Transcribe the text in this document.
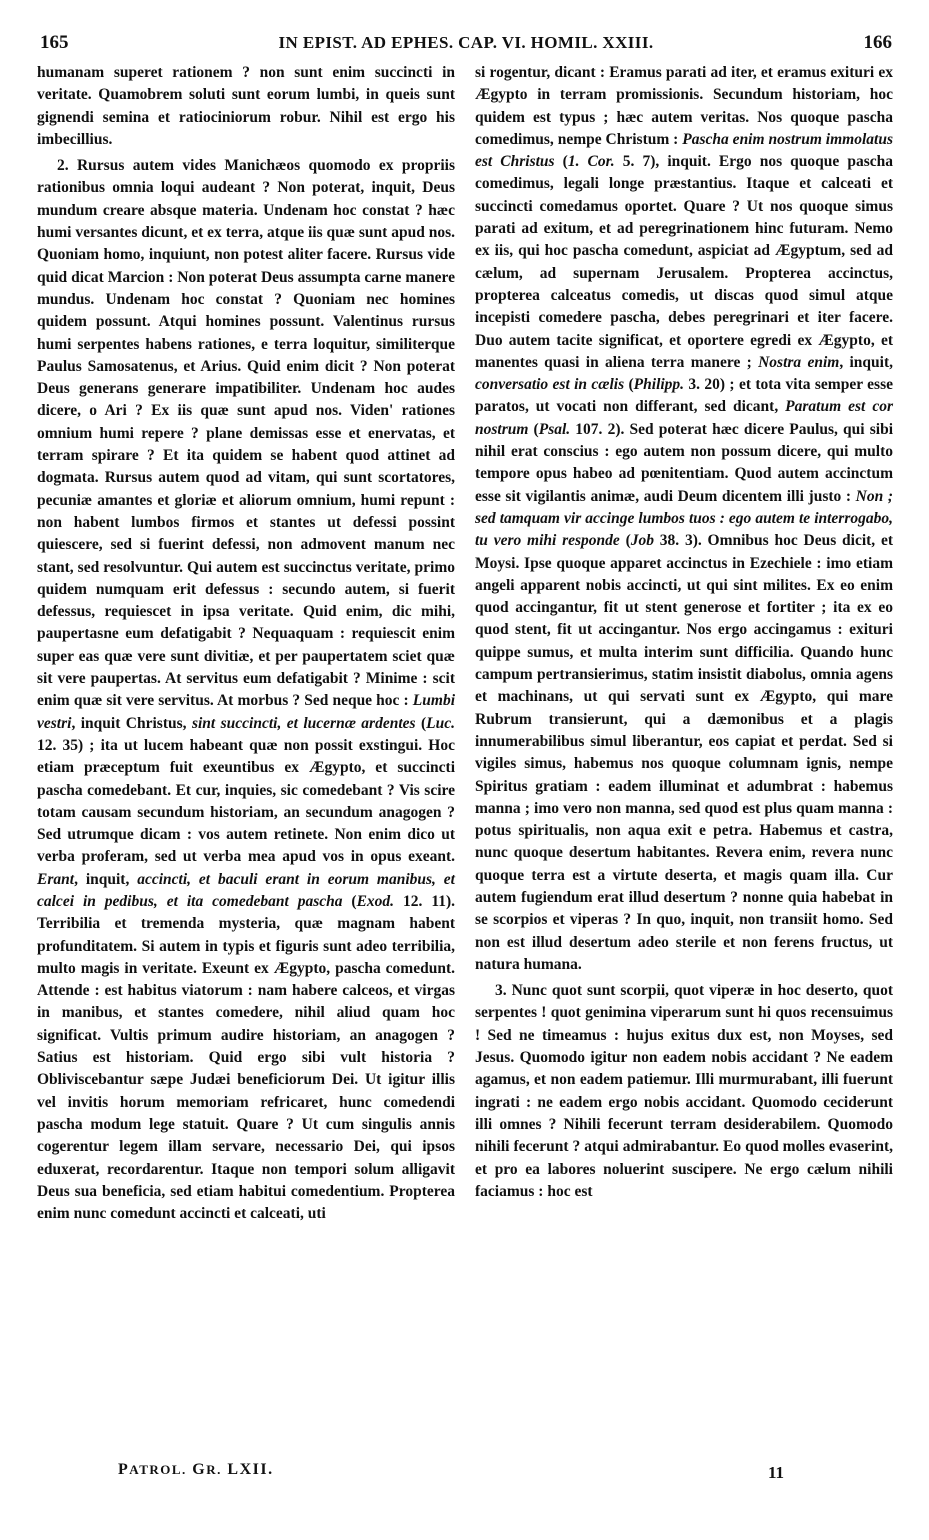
165	IN EPIST. AD EPHES. CAP. VI. HOMIL. XXIII.	166

humanam superet rationem ? non sunt enim succincti in veritate. Quamobrem soluti sunt eorum lumbi, in queis sunt gignendi semina et ratiociniorum robur. Nihil est ergo his imbecillius.

2. Rursus autem vides Manichæos quomodo ex propriis rationibus omnia loqui audeant ? Non poterat, inquit, Deus mundum creare absque materia. Undenam hoc constat ? hæc humi versantes dicunt, et ex terra, atque iis quæ sunt apud nos. Quoniam homo, inquiunt, non potest aliter facere. Rursus vide quid dicat Marcion : Non poterat Deus assumpta carne manere mundus. Undenam hoc constat ? Quoniam nec homines quidem possunt. Atqui homines possunt. Valentinus rursus humi serpentes habens rationes, e terra loquitur, similiterque Paulus Samosatenus, et Arius. Quid enim dicit ? Non poterat Deus generans generare impatibiliter. Undenam hoc audes dicere, o Ari ? Ex iis quæ sunt apud nos. Viden' rationes omnium humi repere ? plane demissas esse et enervatas, et terram spirare ? Et ita quidem se habent quod attinet ad dogmata. Rursus autem quod ad vitam, qui sunt scortatores, pecuniæ amantes et gloriæ et aliorum omnium, humi repunt : non habent lumbos firmos et stantes ut defessi possint quiescere, sed si fuerint defessi, non admovent manum nec stant, sed resolvuntur. Qui autem est succinctus veritate, primo quidem numquam erit defessus : secundo autem, si fuerit defessus, requiescet in ipsa veritate. Quid enim, dic mihi, paupertasne eum defatigabit ? Nequaquam : requiescit enim super eas quæ vere sunt divitiæ, et per paupertatem sciet quæ sit vere paupertas. At servitus eum defatigabit ? Minime : scit enim quæ sit vere servitus. At morbus ? Sed neque hoc : Lumbi vestri, inquit Christus, sint succincti, et lucernæ ardentes (Luc. 12. 35) ; ita ut lucem habeant quæ non possit exstingui. Hoc etiam præceptum fuit exeuntibus ex Ægypto, et succincti pascha comedebant. Et cur, inquies, sic comedebant ? Vis scire totam causam secundum historiam, an secundum anagogen ? Sed utrumque dicam : vos autem retinete. Non enim dico ut verba proferam, sed ut verba mea apud vos in opus exeant. Erant, inquit, accincti, et baculi erant in eorum manibus, et calcei in pedibus, et ita comedebant pascha (Exod. 12. 11). Terribilia et tremenda mysteria, quæ magnam habent profunditatem. Si autem in typis et figuris sunt adeo terribilia, multo magis in veritate. Exeunt ex Ægypto, pascha comedunt. Attende : est habitus viatorum : nam habere calceos, et virgas in manibus, et stantes comedere, nihil aliud quam hoc significat. Vultis primum audire historiam, an anagogen ? Satius est historiam. Quid ergo sibi vult historia ? Obliviscebantur sæpe Judæi beneficiorum Dei. Ut igitur illis vel invitis horum memoriam refricaret, hunc comedendi pascha modum lege statuit. Quare ? Ut cum singulis annis cogerentur legem illam servare, necessario Dei, qui ipsos eduxerat, recordarentur. Itaque non tempori solum alligavit Deus sua beneficia, sed etiam habitui comedentium. Propterea enim nunc comedunt accincti et calceati, uti

si rogentur, dicant : Eramus parati ad iter, et eramus exituri ex Ægypto in terram promissionis. Secundum historiam, hoc quidem est typus ; hæc autem veritas. Nos quoque pascha comedimus, nempe Christum : Pascha enim nostrum immolatus est Christus (1. Cor. 5. 7), inquit. Ergo nos quoque pascha comedimus, legali longe præstantius. Itaque et calceati et succincti comedamus oportet. Quare ? Ut nos quoque simus parati ad exitum, et ad peregrinationem hinc futuram. Nemo ex iis, qui hoc pascha comedunt, aspiciat ad Ægyptum, sed ad cælum, ad supernam Jerusalem. Propterea accinctus, propterea calceatus comedis, ut discas quod simul atque incepisti comedere pascha, debes peregrinari et iter facere. Duo autem tacite significat, et oportere egredi ex Ægypto, et manentes quasi in aliena terra manere ; Nostra enim, inquit, conversatio est in cælis (Philipp. 3. 20) ; et tota vita semper esse paratos, ut vocati non differant, sed dicant, Paratum est cor nostrum (Psal. 107. 2). Sed poterat hæc dicere Paulus, qui sibi nihil erat conscius : ego autem non possum dicere, qui multo tempore opus habeo ad pœnitentiam. Quod autem accinctum esse sit vigilantis animæ, audi Deum dicentem illi justo : Non ; sed tamquam vir accinge lumbos tuos : ego autem te interrogabo, tu vero mihi responde (Job 38. 3). Omnibus hoc Deus dicit, et Moysi. Ipse quoque apparet accinctus in Ezechiele : imo etiam angeli apparent nobis accincti, ut qui sint milites. Ex eo enim quod accingantur, fit ut stent generose et fortiter ; ita ex eo quod stent, fit ut accingantur. Nos ergo accingamus : exituri quippe sumus, et multa interim sunt difficilia. Quando hunc campum pertransierimus, statim insistit diabolus, omnia agens et machinans, ut qui servati sunt ex Ægypto, qui mare Rubrum transierunt, qui a dæmonibus et a plagis innumerabilibus simul liberantur, eos capiat et perdat. Sed si vigiles simus, habemus nos quoque columnam ignis, nempe Spiritus gratiam : eadem illuminat et adumbrat : habemus manna ; imo vero non manna, sed quod est plus quam manna : potus spiritualis, non aqua exit e petra. Habemus et castra, nunc quoque desertum habitantes. Revera enim, revera nunc quoque terra est a virtute deserta, et magis quam illa. Cur autem fugiendum erat illud desertum ? nonne quia habebat in se scorpios et viperas ? In quo, inquit, non transiit homo. Sed non est illud desertum adeo sterile et non ferens fructus, ut natura humana.

3. Nunc quot sunt scorpii, quot viperæ in hoc deserto, quot serpentes ! quot genimina viperarum sunt hi quos recensuimus ! Sed ne timeamus : hujus exitus dux est, non Moyses, sed Jesus. Quomodo igitur non eadem nobis accidant ? Ne eadem agamus, et non eadem patiemur. Illi murmurabant, illi fuerunt ingrati : ne eadem ergo nobis accidant. Quomodo ceciderunt illi omnes ? Nihili fecerunt terram desiderabilem. Quomodo nihili fecerunt ? atqui admirabantur. Eo quod molles evaserint, et pro ea labores noluerint suscipere. Ne ergo cælum nihili faciamus : hoc est

PATROL. GR. LXII.	11
